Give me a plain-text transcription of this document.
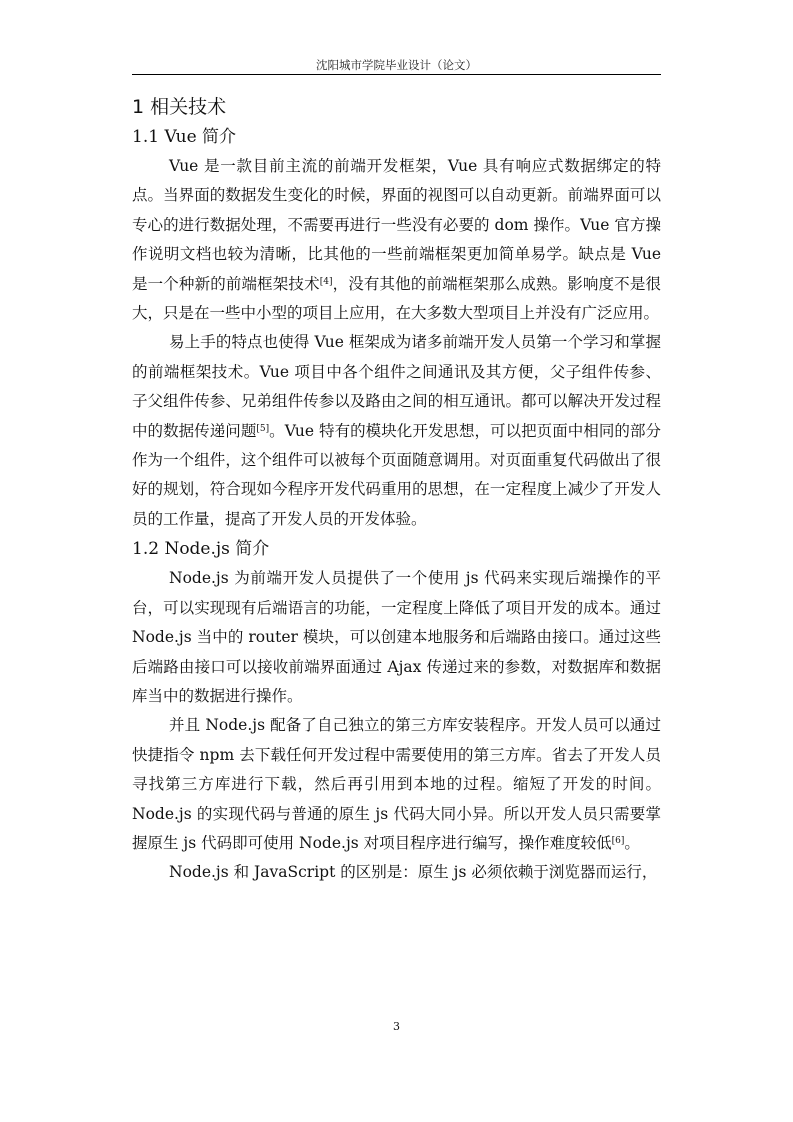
沈阳城市学院毕业设计（论文）
1 相关技术
1.1 Vue 简介

Vue 是一款目前主流的前端开发框架，Vue 具有响应式数据绑定的特点。当界面的数据发生变化的时候，界面的视图可以自动更新。前端界面可以专心的进行数据处理，不需要再进行一些没有必要的 dom 操作。Vue 官方操作说明文档也较为清晰，比其他的一些前端框架更加简单易学。缺点是 Vue 是一个种新的前端框架技术[4]，没有其他的前端框架那么成熟。影响度不是很大，只是在一些中小型的项目上应用，在大多数大型项目上并没有广泛应用。

易上手的特点也使得 Vue 框架成为诸多前端开发人员第一个学习和掌握的前端框架技术。Vue 项目中各个组件之间通讯及其方便，父子组件传参、子父组件传参、兄弟组件传参以及路由之间的相互通讯。都可以解决开发过程中的数据传递问题[5]。Vue 特有的模块化开发思想，可以把页面中相同的部分作为一个组件，这个组件可以被每个页面随意调用。对页面重复代码做出了很好的规划，符合现如今程序开发代码重用的思想，在一定程度上减少了开发人员的工作量，提高了开发人员的开发体验。

1.2 Node.js 简介

Node.js 为前端开发人员提供了一个使用 js 代码来实现后端操作的平台，可以实现现有后端语言的功能，一定程度上降低了项目开发的成本。通过 Node.js 当中的 router 模块，可以创建本地服务和后端路由接口。通过这些后端路由接口可以接收前端界面通过 Ajax 传递过来的参数，对数据库和数据库当中的数据进行操作。

并且 Node.js 配备了自己独立的第三方库安装程序。开发人员可以通过快捷指令 npm 去下载任何开发过程中需要使用的第三方库。省去了开发人员寻找第三方库进行下载，然后再引用到本地的过程。缩短了开发的时间。Node.js 的实现代码与普通的原生 js 代码大同小异。所以开发人员只需要掌握原生 js 代码即可使用 Node.js 对项目程序进行编写，操作难度较低[6]。

Node.js 和 JavaScript 的区别是：原生 js 必须依赖于浏览器而运行，

3
